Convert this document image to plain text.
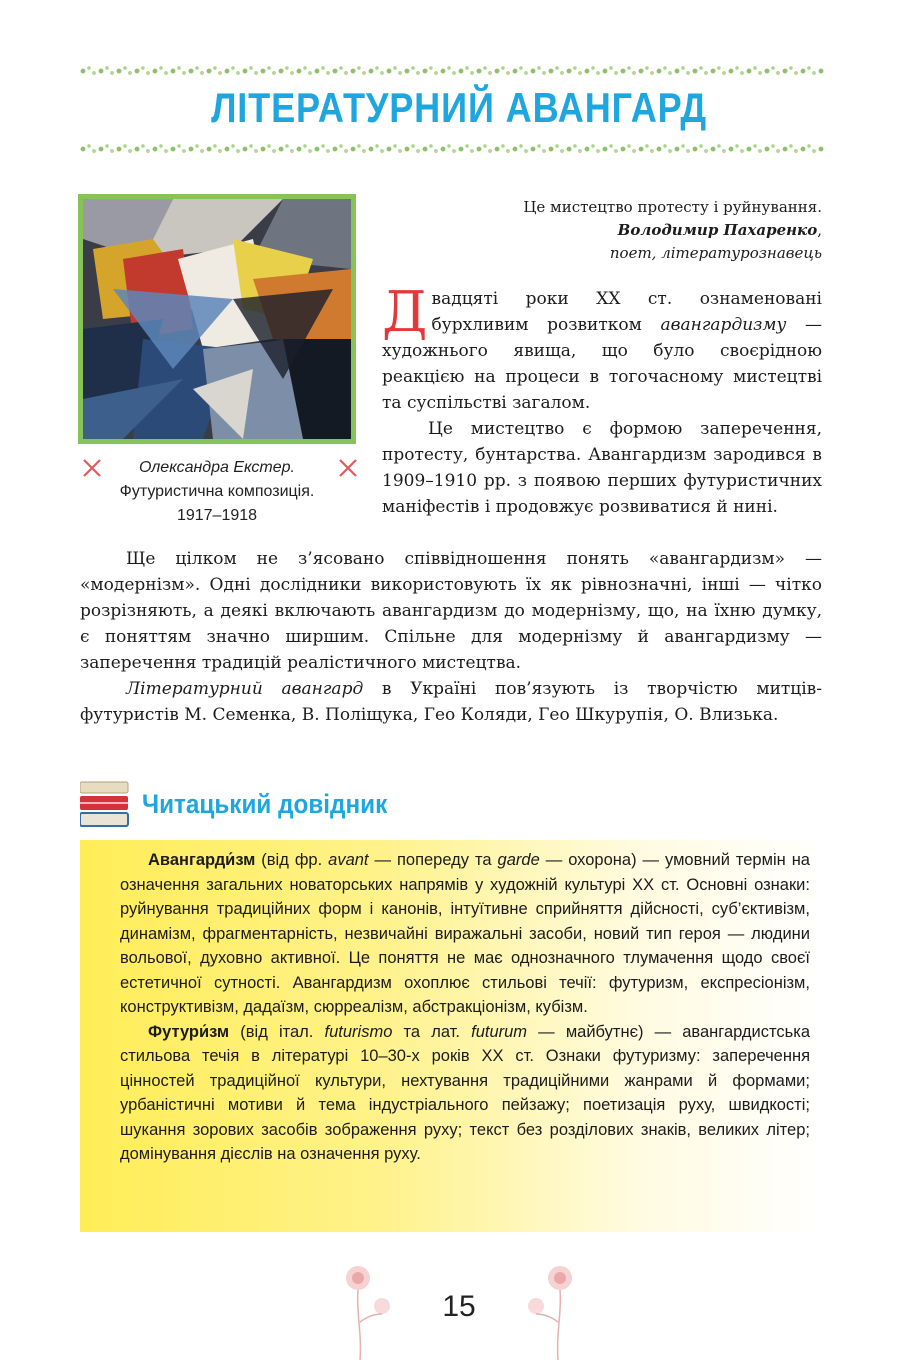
ЛІТЕРАТУРНИЙ АВАНГАРД
Олександра Екстер.
Футуристична композиція.
1917–1918
Це мистецтво протесту і руйнування.
Володимир Пахаренко,
поет, літературознавець

Двадцяті роки XX ст. ознаменовані бурхливим розвитком авангардизму — художнього явища, що було своєрідною реакцією на процеси в тогочасному мистецтві та суспільстві загалом.

Це мистецтво є формою заперечення, протесту, бунтарства. Авангардизм зародився в 1909–1910 рр. з появою перших футуристичних маніфестів і продовжує розвиватися й нині.

Ще цілком не з’ясовано співвідношення понять «авангардизм» — «модернізм». Одні дослідники використовують їх як рівнозначні, інші — чітко розрізняють, а деякі включають авангардизм до модернізму, що, на їхню думку, є поняттям значно ширшим. Спільне для модернізму й авангардизму — заперечення традицій реалістичного мистецтва.

Літературний авангард в Україні пов’язують із творчістю митців-футуристів М. Семенка, В. Поліщука, Гео Коляди, Гео Шкурупія, О. Влизька.

Читацький довідник

Авангарди́зм (від фр. avant — попереду та garde — охорона) — умовний термін на означення загальних новаторських напрямів у художній культурі XX ст. Основні ознаки: руйнування традиційних форм і канонів, інтуїтивне сприйняття дійсності, суб’єктивізм, динамізм, фрагментарність, незвичайні виражальні засоби, новий тип героя — людини вольової, духовно активної. Це поняття не має однозначного тлумачення щодо своєї естетичної сутності. Авангардизм охоплює стильові течії: футуризм, експресіонізм, конструктивізм, дадаїзм, сюрреалізм, абстракціонізм, кубізм.

Футури́зм (від італ. futurismo та лат. futurum — майбутнє) — авангардистська стильова течія в літературі 10–30-х років XX ст. Ознаки футуризму: заперечення цінностей традиційної культури, нехтування традиційними жанрами й формами; урбаністичні мотиви й тема індустріального пейзажу; поетизація руху, швидкості; шукання зорових засобів зображення руху; текст без розділових знаків, великих літер; домінування дієслів на означення руху.

15
